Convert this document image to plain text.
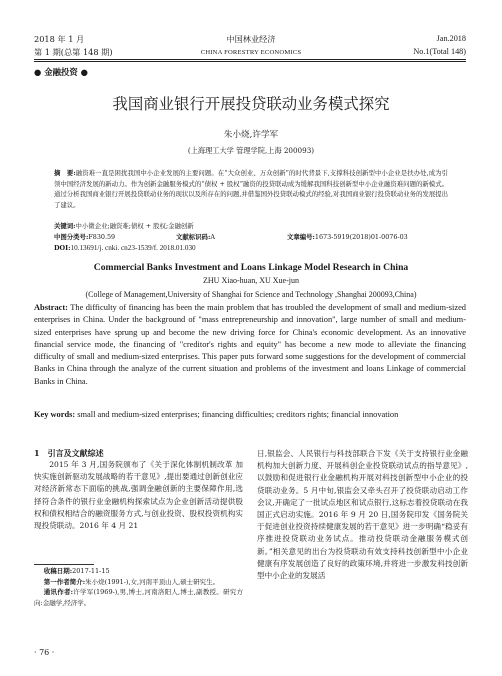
2018 年 1 月	中国林业经济	Jan.2018
第 1 期(总第 148 期)	CHINA FORESTRY ECONOMICS	No.1(Total 148)
● 金融投资 ●
我国商业银行开展投贷联动业务模式探究
朱小烧,许学军
(上海理工大学 管理学院,上海 200093)
摘　要:融资难一直是困扰我国中小企业发展的主要问题。在“大众创业、万众创新”的时代背景下,支撑科技创新型中小企业是扶办处,成为引领中国经济发展的新动力。作为创新金融服务模式的“债权 + 股权”融资的投贷联动成为缓解我国科技创新型中小企业融资难问题的新模式。通过分析我国商业银行开展投贷联动业务的现状以及所存在的问题,并借鉴国外投贷联动模式的经验,对我国商业银行投贷联动业务的发展提出了建议。
关键词:中小微企业;融资难;债权 + 股权;金融创新
中图分类号:F830.59	文献标识码:A	文章编号:1673-5919(2018)01-0076-03
DOI:10.13691/j. cnki. cn23-1539/f. 2018.01.030
Commercial Banks Investment and Loans Linkage Model Research in China
ZHU Xiao-huan, XU Xue-jun
(College of Management,University of Shanghai for Science and Technology ,Shanghai 200093,China)
Abstract: The difficulty of financing has been the main problem that has troubled the development of small and medium-sized enterprises in China. Under the background of "mass entrepreneurship and innovation", large number of small and medium-sized enterprises have sprung up and become the new driving force for China's economic development. As an innovative financial service mode, the financing of "creditor's rights and equity" has become a new mode to alleviate the financing difficulty of small and medium-sized enterprises. This paper puts forward some suggestions for the development of commercial Banks in China through the analyze of the current situation and problems of the investment and loans Linkage of commercial Banks in China.
Key words: small and medium-sized enterprises; financing difficulties; creditors rights; financial innovation
1　引言及文献综述

2015 年 3 月,国务院颁布了《关于深化体制机制改革 加快实施创新驱动发展战略的若干意见》,提出要通过创新创业应对经济新常态下面临的挑战,强调金融创新的主要保障作用,选择符合条件的银行业金融机构探索试点为企业创新活动提供股权和债权相结合的融资服务方式,与创业投资、股权投资机构实现投贷联动。2016 年 4 月 21

收稿日期:2017-11-15
第一作者简介:朱小烧(1991-),女,河南平顶山人,硕士研究生。
通讯作者:许学军(1969-),男,博士,河南洛阳人,博士,副教授。研究方向:金融学,经济学。

日,银监会、人民银行与科技部联合下发《关于支持银行业金融机构加大创新力度、开展科创企业投贷联动试点的指导意见》,以鼓励和促进银行业金融机构开展对科技创新型中小企业的投贷联动业务。5 月中旬,银监会又牵头召开了投贷联动启动工作会议,开确定了一批试点地区和试点银行,这标志着投贷联动在我国正式启动实施。2016 年 9 月 20 日,国务院印发《国务院关于促进创业投资持续健康发展的若干意见》进一步明确“稳妥有序推进投贷联动业务试点。推动投贷联动金融服务模式创新。”相关意见的出台为投贷联动有效支持科技创新型中小企业健康有序发展创造了良好的政策环境,并将进一步激发科技创新型中小企业的发展活

· 76 ·
